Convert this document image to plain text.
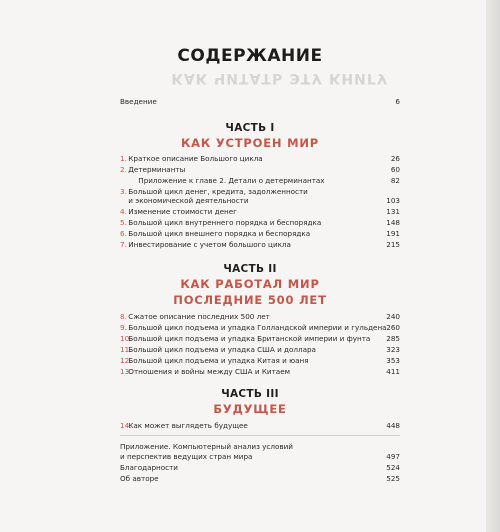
КАК ЧИТАТЬ ЭТУ КНИГУ
СОДЕРЖАНИЕ
Введение	6
ЧАСТЬ I
КАК УСТРОЕН МИР
1. Краткое описание Большого цикла	26
2. Детерминанты	60
Приложение к главе 2. Детали о детерминантах	82
3. Большой цикл денег, кредита, задолженности
и экономической деятельности	103
4. Изменение стоимости денег	131
5. Большой цикл внутреннего порядка и беспорядка	148
6. Большой цикл внешнего порядка и беспорядка	191
7. Инвестирование с учетом большого цикла	215
ЧАСТЬ II
КАК РАБОТАЛ МИР
ПОСЛЕДНИЕ 500 ЛЕТ
8. Сжатое описание последних 500 лет	240
9. Большой цикл подъема и упадка Голландской империи и гульдена 260
10. Большой цикл подъема и упадка Британской империи и фунта 285
11. Большой цикл подъема и упадка США и доллара	323
12. Большой цикл подъема и упадка Китая и юаня	353
13. Отношения и войны между США и Китаем	411
ЧАСТЬ III
БУДУЩЕЕ
14. Как может выглядеть будущее	448
Приложение. Компьютерный анализ условий
и перспектив ведущих стран мира	497
Благодарности	524
Об авторе	525
